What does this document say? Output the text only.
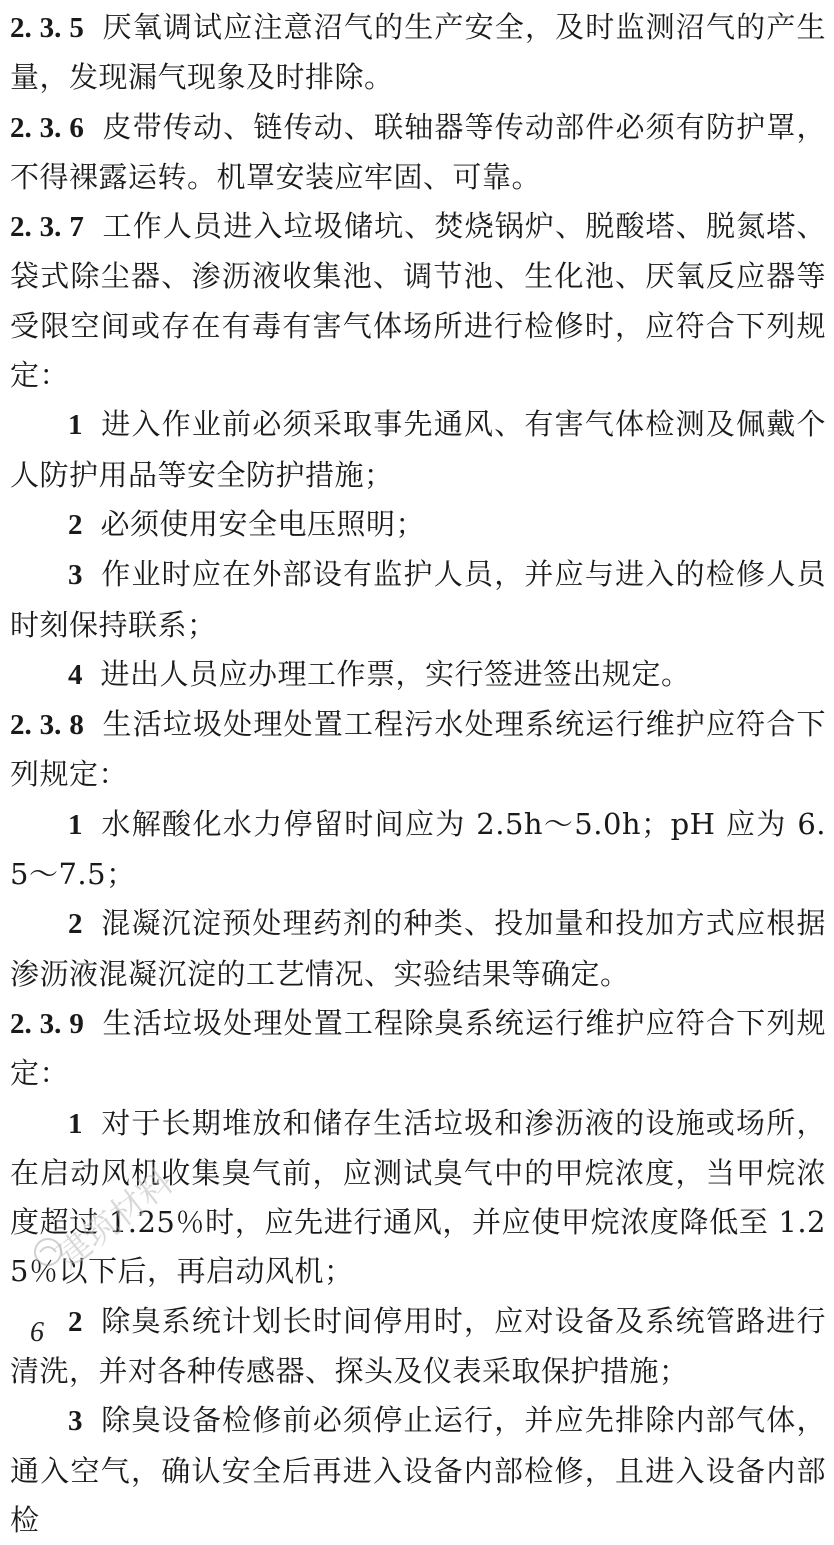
2. 3. 5 厌氧调试应注意沼气的生产安全，及时监测沼气的产生量，发现漏气现象及时排除。

2. 3. 6 皮带传动、链传动、联轴器等传动部件必须有防护罩，不得裸露运转。机罩安装应牢固、可靠。

2. 3. 7 工作人员进入垃圾储坑、焚烧锅炉、脱酸塔、脱氮塔、袋式除尘器、渗沥液收集池、调节池、生化池、厌氧反应器等受限空间或存在有毒有害气体场所进行检修时，应符合下列规定：

1 进入作业前必须采取事先通风、有害气体检测及佩戴个人防护用品等安全防护措施；

2 必须使用安全电压照明；

3 作业时应在外部设有监护人员，并应与进入的检修人员时刻保持联系；

4 进出人员应办理工作票，实行签进签出规定。

2. 3. 8 生活垃圾处理处置工程污水处理系统运行维护应符合下列规定：

1 水解酸化水力停留时间应为 2.5h～5.0h；pH 应为 6.5～7.5；

2 混凝沉淀预处理药剂的种类、投加量和投加方式应根据渗沥液混凝沉淀的工艺情况、实验结果等确定。

2. 3. 9 生活垃圾处理处置工程除臭系统运行维护应符合下列规定：

1 对于长期堆放和储存生活垃圾和渗沥液的设施或场所，在启动风机收集臭气前，应测试臭气中的甲烷浓度，当甲烷浓度超过 1.25％时，应先进行通风，并应使甲烷浓度降低至 1.25％以下后，再启动风机；

2 除臭系统计划长时间停用时，应对设备及系统管路进行清洗，并对各种传感器、探头及仪表采取保护措施；

3 除臭设备检修前必须停止运行，并应先排除内部气体，通入空气，确认安全后再进入设备内部检修，且进入设备内部检

建筑材料
6
